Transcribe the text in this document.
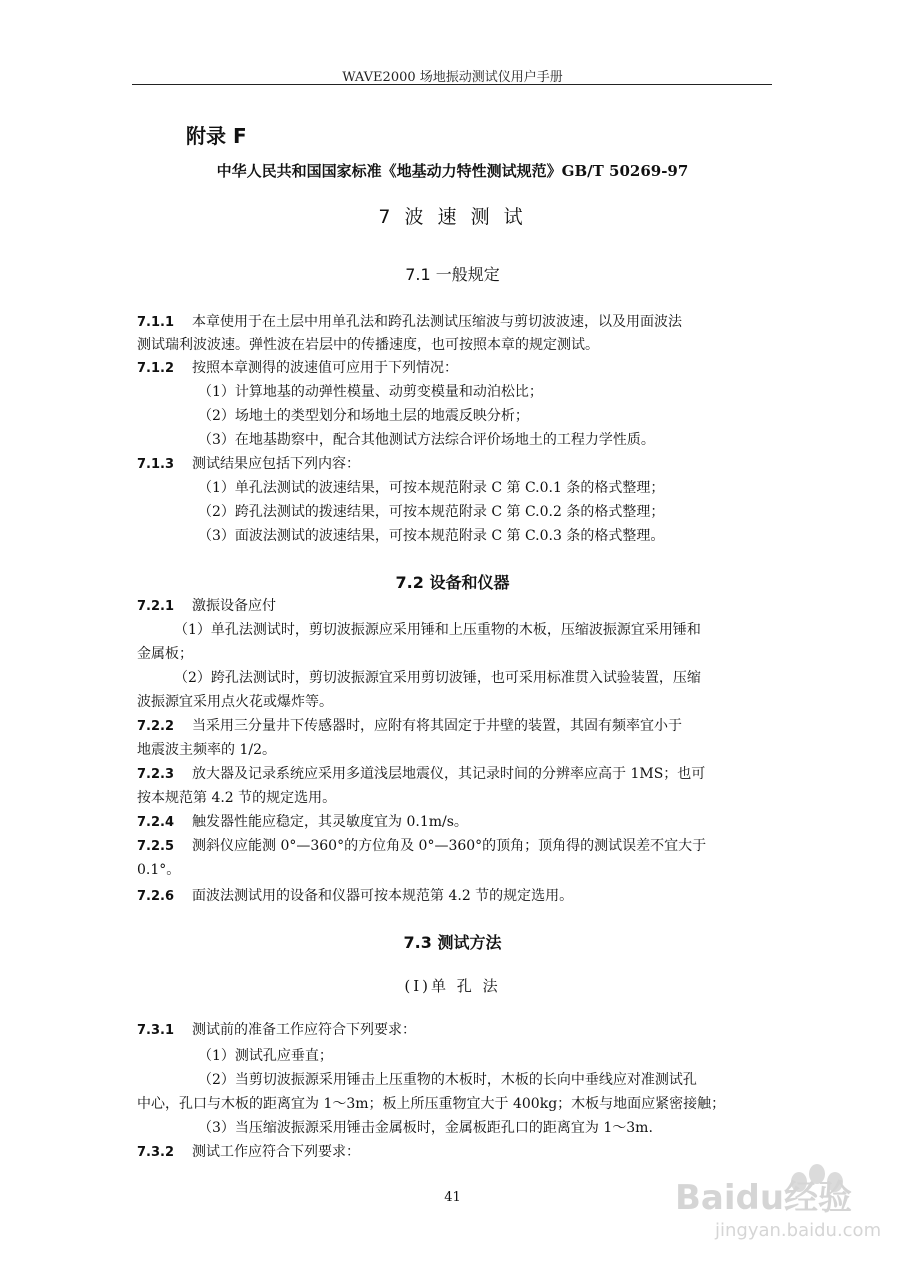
WAVE2000 场地振动测试仪用户手册
附录 F
中华人民共和国国家标准《地基动力特性测试规范》GB/T 50269-97
7 波 速 测 试
7.1 一般规定
7.2 设备和仪器
7.3 测试方法
(I)单 孔 法
7.1.1 本章使用于在土层中用单孔法和跨孔法测试压缩波与剪切波波速，以及用面波法
测试瑞利波波速。弹性波在岩层中的传播速度，也可按照本章的规定测试。
7.1.2 按照本章测得的波速值可应用于下列情况：
（1）计算地基的动弹性模量、动剪变模量和动泊松比；
（2）场地土的类型划分和场地土层的地震反映分析；
（3）在地基勘察中，配合其他测试方法综合评价场地土的工程力学性质。
7.1.3 测试结果应包括下列内容：
（1）单孔法测试的波速结果，可按本规范附录 C 第 C.0.1 条的格式整理；
（2）跨孔法测试的拨速结果，可按本规范附录 C 第 C.0.2 条的格式整理；
（3）面波法测试的波速结果，可按本规范附录 C 第 C.0.3 条的格式整理。
7.2.1 激振设备应付
（1）单孔法测试时，剪切波振源应采用锤和上压重物的木板，压缩波振源宜采用锤和
金属板；
（2）跨孔法测试时，剪切波振源宜采用剪切波锤，也可采用标准贯入试验装置，压缩
波振源宜采用点火花或爆炸等。
7.2.2 当采用三分量井下传感器时，应附有将其固定于井壁的装置，其固有频率宜小于
地震波主频率的 1/2。
7.2.3 放大器及记录系统应采用多道浅层地震仪，其记录时间的分辨率应高于 1MS；也可
按本规范第 4.2 节的规定选用。
7.2.4 触发器性能应稳定，其灵敏度宜为 0.1m/s。
7.2.5 测斜仪应能测 0°—360°的方位角及 0°—360°的顶角；顶角得的测试误差不宜大于
0.1°。
7.2.6 面波法测试用的设备和仪器可按本规范第 4.2 节的规定选用。
7.3.1 测试前的准备工作应符合下列要求：
（1）测试孔应垂直；
（2）当剪切波振源采用锤击上压重物的木板时，木板的长向中垂线应对准测试孔
中心，孔口与木板的距离宜为 1～3m；板上所压重物宜大于 400kg；木板与地面应紧密接触；
（3）当压缩波振源采用锤击金属板时，金属板距孔口的距离宜为 1～3m.
7.3.2 测试工作应符合下列要求：
41	Baidu经验
jingyan.baidu.com
